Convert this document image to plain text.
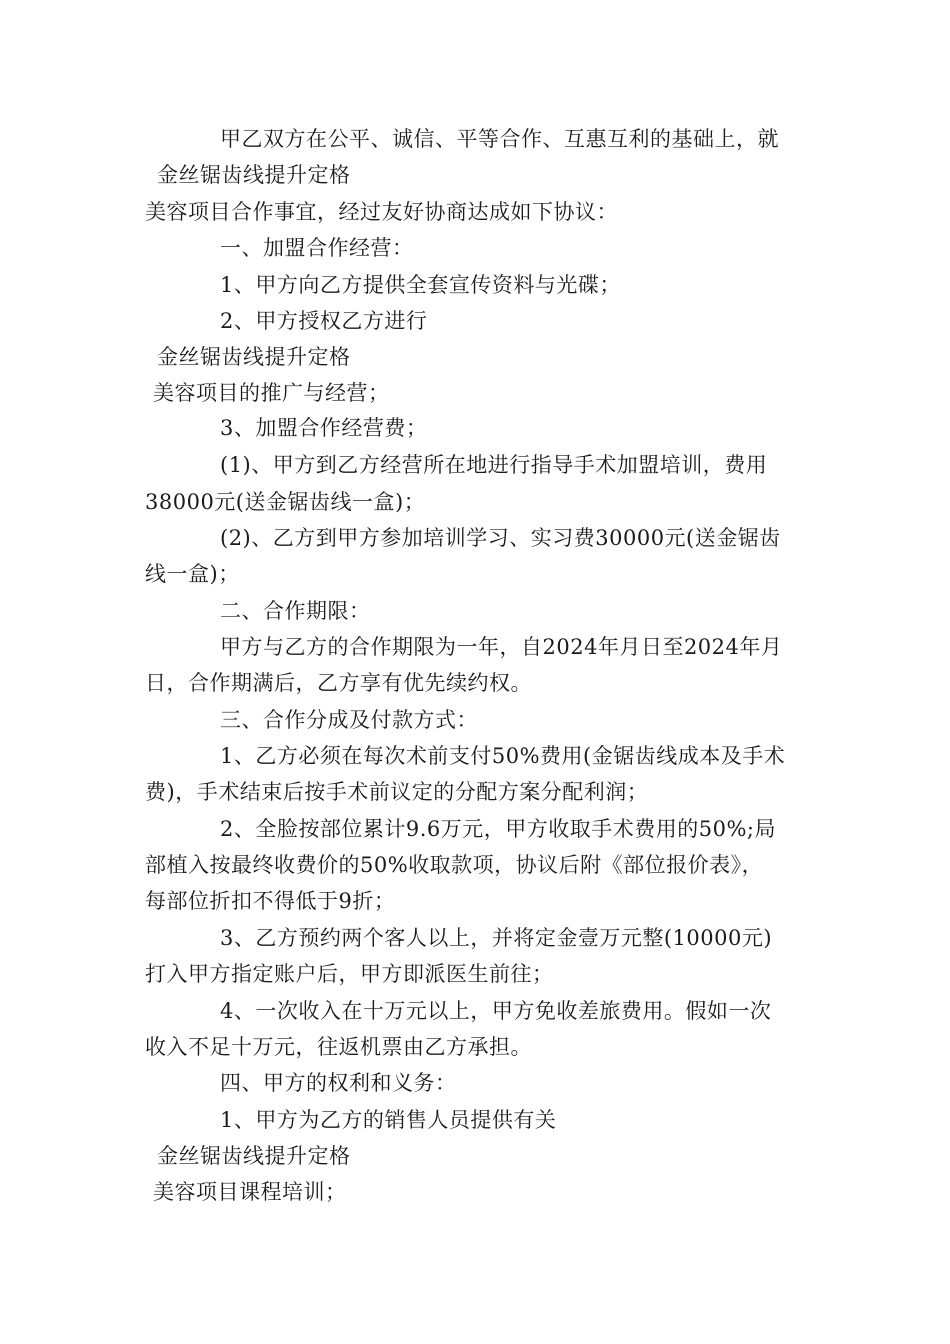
甲乙双方在公平、诚信、平等合作、互惠互利的基础上，就
金丝锯齿线提升定格
美容项目合作事宜，经过友好协商达成如下协议：
一、加盟合作经营：
1、甲方向乙方提供全套宣传资料与光碟；
2、甲方授权乙方进行
金丝锯齿线提升定格
美容项目的推广与经营；
3、加盟合作经营费；
(1)、甲方到乙方经营所在地进行指导手术加盟培训，费用
38000元(送金锯齿线一盒)；
(2)、乙方到甲方参加培训学习、实习费30000元(送金锯齿
线一盒)；
二、合作期限：
甲方与乙方的合作期限为一年，自2024年月日至2024年月
日，合作期满后，乙方享有优先续约权。
三、合作分成及付款方式：
1、乙方必须在每次术前支付50%费用(金锯齿线成本及手术
费)，手术结束后按手术前议定的分配方案分配利润；
2、全脸按部位累计9.6万元，甲方收取手术费用的50%;局
部植入按最终收费价的50%收取款项，协议后附《部位报价表》，
每部位折扣不得低于9折；
3、乙方预约两个客人以上，并将定金壹万元整(10000元)
打入甲方指定账户后，甲方即派医生前往；
4、一次收入在十万元以上，甲方免收差旅费用。假如一次
收入不足十万元，往返机票由乙方承担。
四、甲方的权利和义务：
1、甲方为乙方的销售人员提供有关
金丝锯齿线提升定格
美容项目课程培训；
